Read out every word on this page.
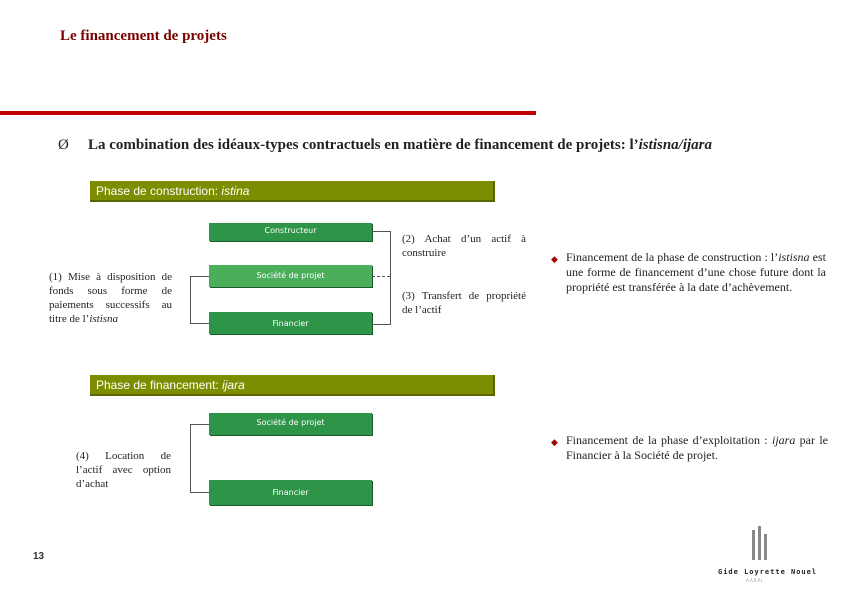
Le financement de projets
Ø	La combination des idéaux-types contractuels en matière de financement de projets: l’istisna/ijara
Phase de construction: istina
Constructeur
Société de projet
Financier
(1) Mise à disposition de fonds sous forme de paiements successifs au titre de l’istisna
(2) Achat d’un actif à construire
(3) Transfert de propriété de l’actif
◆ Financement de la phase de construction : l’istisna est une forme de financement d’une chose future dont la propriété est transférée à la date d’achèvement.
Phase de financement: ijara
Société de projet
Financier
(4) Location de l’actif avec option d’achat
◆ Financement de la phase d’exploitation : ijara par le Financier à la Société de projet.
13
Gide Loyrette Nouel
A.A.R.P.I.
